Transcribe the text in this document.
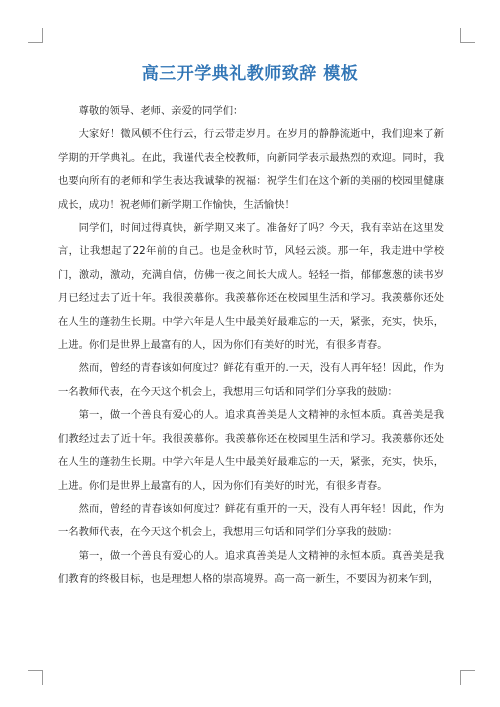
高三开学典礼教师致辞 模板

尊敬的领导、老师、亲爱的同学们：

大家好！微风顿不住行云，行云带走岁月。在岁月的静静流逝中，我们迎来了新学期的开学典礼。在此，我谨代表全校教师，向新同学表示最热烈的欢迎。同时，我也要向所有的老师和学生表达我诚挚的祝福：祝学生们在这个新的美丽的校园里健康成长，成功！祝老师们新学期工作愉快，生活愉快！

同学们，时间过得真快，新学期又来了。准备好了吗？今天，我有幸站在这里发言，让我想起了22年前的自己。也是金秋时节，风轻云淡。那一年，我走进中学校门，激动，激动，充满自信，仿佛一夜之间长大成人。轻轻一指，郁郁葱葱的读书岁月已经过去了近十年。我很羡慕你。我羡慕你还在校园里生活和学习。我羡慕你还处在人生的蓬勃生长期。中学六年是人生中最美好最难忘的一天，紧张，充实，快乐，上进。你们是世界上最富有的人，因为你们有美好的时光，有很多青春。

然而，曾经的青春该如何度过？鲜花有重开的.一天，没有人再年轻！因此，作为一名教师代表，在今天这个机会上，我想用三句话和同学们分享我的鼓励：

第一，做一个善良有爱心的人。追求真善美是人文精神的永恒本质。真善美是我们教经过去了近十年。我很羡慕你。我羡慕你还在校园里生活和学习。我羡慕你还处在人生的蓬勃生长期。中学六年是人生中最美好最难忘的一天，紧张，充实，快乐，上进。你们是世界上最富有的人，因为你们有美好的时光，有很多青春。

然而，曾经的青春该如何度过？鲜花有重开的一天，没有人再年轻！因此，作为一名教师代表，在今天这个机会上，我想用三句话和同学们分享我的鼓励：

第一，做一个善良有爱心的人。追求真善美是人文精神的永恒本质。真善美是我们教育的终极目标，也是理想人格的崇高境界。高一高一新生，不要因为初来乍到，
